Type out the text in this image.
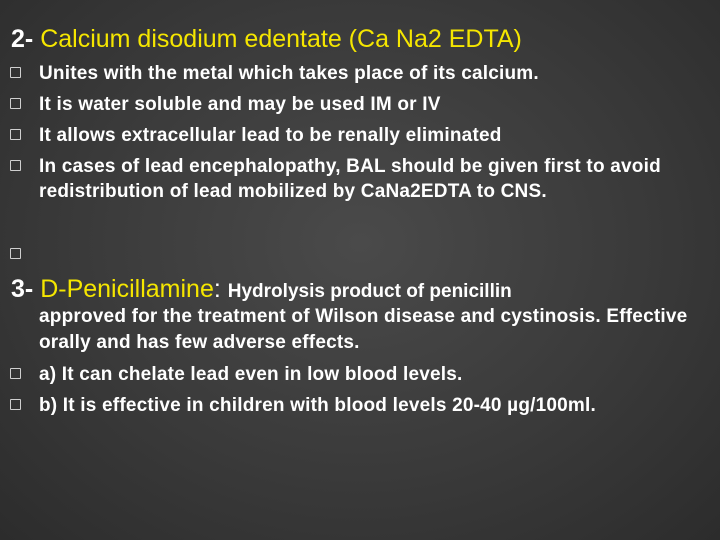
2- Calcium disodium edentate (Ca Na2 EDTA)
Unites with the metal which takes place of its calcium.
It is water soluble and may be used IM or IV
It allows extracellular lead to be renally eliminated
In cases of lead encephalopathy, BAL should be given first to avoid redistribution of lead mobilized by CaNa2EDTA to CNS.
3- D-Penicillamine: Hydrolysis product of penicillin
approved for the treatment of Wilson disease and cystinosis. Effective orally and has few adverse effects.
a) It can chelate lead even in low blood levels.
b) It is effective in children with blood levels 20-40 µg/100ml.
